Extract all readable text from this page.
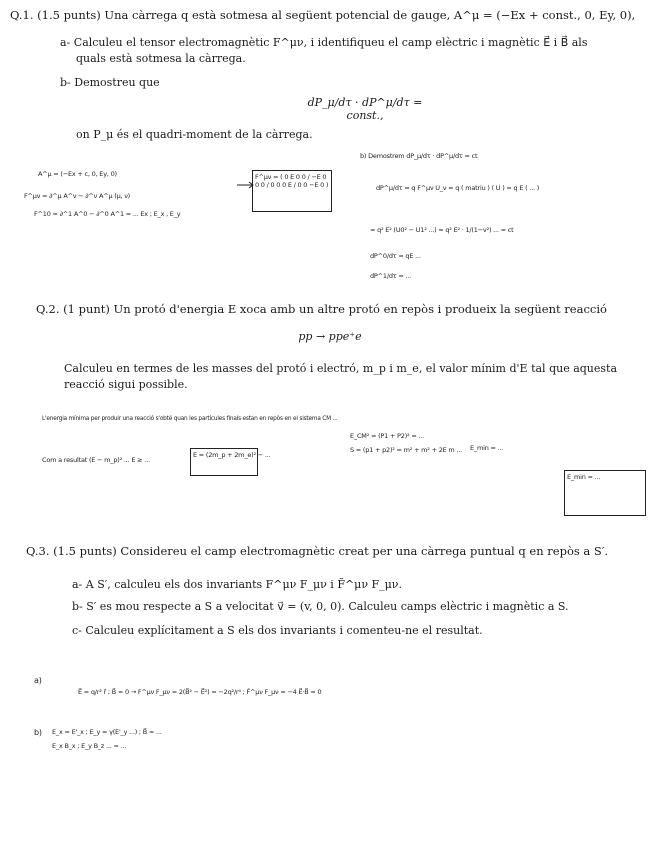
Q.1. (1.5 punts) Una càrrega q està sotmesa al següent potencial de gauge, A^μ = (−Ex + const., 0, Ey, 0),
a- Calculeu el tensor electromagnètic F^μν, i identifiqueu el camp elèctric i magnètic E⃗ i B⃗ als
quals està sotmesa la càrrega.
b- Demostreu que
dP_μ/dτ · dP^μ/dτ = const.,
on P_μ és el quadri-moment de la càrrega.
A^μ = (−Ex + c, 0, Ey, 0)
F^μν = ∂^μ A^ν − ∂^ν A^μ (μ, ν)
F^10 = ∂^1 A^0 − ∂^0 A^1 = ... Ex ; E_x , E_y
F^μν = ( 0 E 0 0 / −E 0 0 0 / 0 0 0 E / 0 0 −E 0 )
b) Demostrem dP_μ/dτ · dP^μ/dτ = ct
dP^μ/dτ = q F^μν U_ν = q ( matriu ) ( U ) = q E ( ... )
= q² E² (U0² − U1² ...) = q² E² · 1/(1−v²) ... = ct
dP^0/dτ = qE ...
dP^1/dτ = ...
Q.2. (1 punt) Un protó d'energia E xoca amb un altre protó en repòs i produeix la següent reacció
pp → ppe⁺e
Calculeu en termes de les masses del protó i electró, m_p i m_e, el valor mínim d'E tal que aquesta
reacció sigui possible.
L'energia mínima per produir una reacció s'obté quan les partícules finals estan en repòs en el sistema CM ...
E_CM² = (P1 + P2)² = ...
S = (p1 + p2)² = m² + m² + 2E m ...
Com a resultat (E − m_p)² ... E ≥ ...
E = (2m_p + 2m_e)² − ...
E_min = ...
E_min = ...
Q.3. (1.5 punts) Considereu el camp electromagnètic creat per una càrrega puntual q en repòs a S′.
a- A S′, calculeu els dos invariants F^μν F_μν i F̃^μν F_μν.
b- S′ es mou respecte a S a velocitat v⃗ = (v, 0, 0). Calculeu camps elèctric i magnètic a S.
c- Calculeu explícitament a S els dos invariants i comenteu-ne el resultat.
a)
E⃗ = q/r² r̂ ; B⃗ = 0 → F^μν F_μν = 2(B⃗² − E⃗²) = −2q²/r⁴ ; F̃^μν F_μν = −4 E⃗·B⃗ = 0
b) E_x = E'_x ; E_y = γ(E'_y ...) ; B⃗ = ...
E_x B_x ; E_y B_z ... = ...
